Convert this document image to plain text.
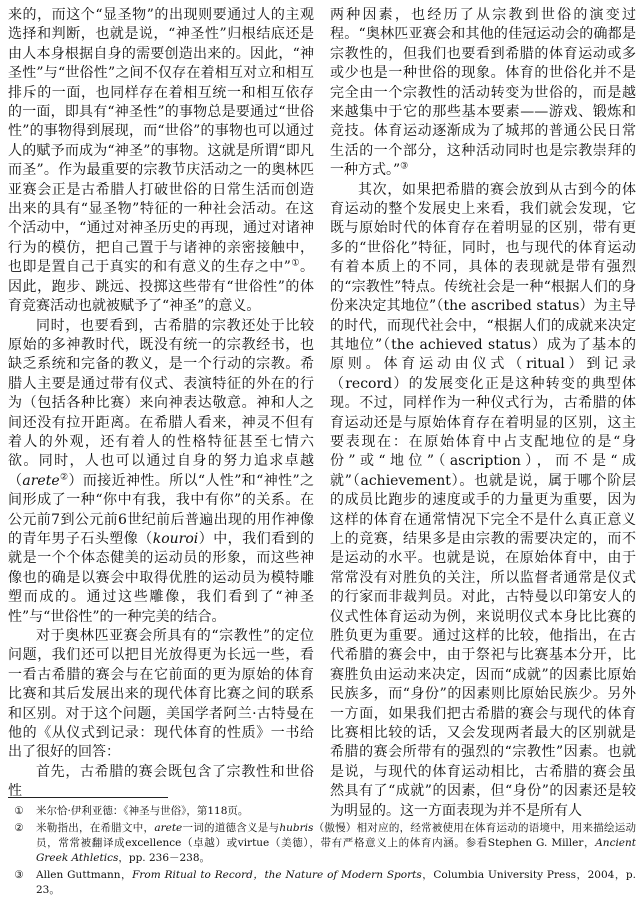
来的，而这个“显圣物”的出现则要通过人的主观选择和判断，也就是说，“神圣性”归根结底还是由人本身根据自身的需要创造出来的。因此，“神圣性”与“世俗性”之间不仅存在着相互对立和相互排斥的一面，也同样存在着相互统一和相互依存的一面，即具有“神圣性”的事物总是要通过“世俗性”的事物得到展现，而“世俗”的事物也可以通过人的赋予而成为“神圣”的事物。这就是所谓“即凡而圣”。作为最重要的宗教节庆活动之一的奥林匹亚赛会正是古希腊人打破世俗的日常生活而创造出来的具有“显圣物”特征的一种社会活动。在这个活动中，“通过对神圣历史的再现，通过对诸神行为的模仿，把自己置于与诸神的亲密接触中，也即是置自己于真实的和有意义的生存之中”①。因此，跑步、跳远、投掷这些带有“世俗性”的体育竞赛活动也就被赋予了“神圣”的意义。

同时，也要看到，古希腊的宗教还处于比较原始的多神教时代，既没有统一的宗教经书，也缺乏系统和完备的教义，是一个行动的宗教。希腊人主要是通过带有仪式、表演特征的外在的行为（包括各种比赛）来向神表达敬意。神和人之间还没有拉开距离。在希腊人看来，神灵不但有着人的外观，还有着人的性格特征甚至七情六欲。同时，人也可以通过自身的努力追求卓越（arete②）而接近神性。所以“人性”和“神性”之间形成了一种“你中有我，我中有你”的关系。在公元前7到公元前6世纪前后普遍出现的用作神像的青年男子石头塑像（kouroi）中，我们看到的就是一个个体态健美的运动员的形象，而这些神像也的确是以赛会中取得优胜的运动员为模特雕塑而成的。通过这些雕像，我们看到了“神圣性”与“世俗性”的一种完美的结合。

对于奥林匹亚赛会所具有的“宗教性”的定位问题，我们还可以把目光放得更为长远一些，看一看古希腊的赛会与在它前面的更为原始的体育比赛和其后发展出来的现代体育比赛之间的联系和区别。对于这个问题，美国学者阿兰·古特曼在他的《从仪式到记录：现代体育的性质》一书给出了很好的回答：

首先，古希腊的赛会既包含了宗教性和世俗性

两种因素，也经历了从宗教到世俗的演变过程。“奥林匹亚赛会和其他的佳冠运动会的确都是宗教性的，但我们也要看到希腊的体育运动或多或少也是一种世俗的现象。体育的世俗化并不是完全由一个宗教性的活动转变为世俗的，而是越来越集中于它的那些基本要素——游戏、锻炼和竞技。体育运动逐渐成为了城邦的普通公民日常生活的一个部分，这种活动同时也是宗教崇拜的一种方式。”③

其次，如果把希腊的赛会放到从古到今的体育运动的整个发展史上来看，我们就会发现，它既与原始时代的体育存在着明显的区别，带有更多的“世俗化”特征，同时，也与现代的体育运动有着本质上的不同，具体的表现就是带有强烈的“宗教性”特点。传统社会是一种“根据人们的身份来决定其地位”（the ascribed status）为主导的时代，而现代社会中，“根据人们的成就来决定其地位”（the achieved status）成为了基本的原则。体育运动由仪式（ritual）到记录（record）的发展变化正是这种转变的典型体现。不过，同样作为一种仪式行为，古希腊的体育运动还是与原始体育存在着明显的区别，这主要表现在：在原始体育中占支配地位的是“身份”或“地位”（ascription），而不是“成就”（achievement）。也就是说，属于哪个阶层的成员比跑步的速度或手的力量更为重要，因为这样的体育在通常情况下完全不是什么真正意义上的竞赛，结果多是由宗教的需要决定的，而不是运动的水平。也就是说，在原始体育中，由于常常没有对胜负的关注，所以监督者通常是仪式的行家而非裁判员。对此，古特曼以印第安人的仪式性体育运动为例，来说明仪式本身比比赛的胜负更为重要。通过这样的比较，他指出，在古代希腊的赛会中，由于祭祀与比赛基本分开，比赛胜负由运动来决定，因而“成就”的因素比原始民族多，而“身份”的因素则比原始民族少。另外一方面，如果我们把古希腊的赛会与现代的体育比赛相比较的话，又会发现两者最大的区别就是希腊的赛会所带有的强烈的“宗教性”因素。也就是说，与现代的体育运动相比，古希腊的赛会虽然具有了“成就”的因素，但“身份”的因素还是较为明显的。这一方面表现为并不是所有人

①	米尔恰·伊利亚德：《神圣与世俗》，第118页。
②	米勒指出，在希腊文中，arete一词的道德含义是与hubris（傲慢）相对应的，经常被使用在体育运动的语境中，用来描绘运动员，常常被翻译成excellence（卓越）或virtue（美德），带有严格意义上的体育内涵。参看Stephen G. Miller，Ancient Greek Athletics，pp. 236－238。
③	Allen Guttmann，From Ritual to Record，the Nature of Modern Sports，Columbia University Press，2004，p. 23。
